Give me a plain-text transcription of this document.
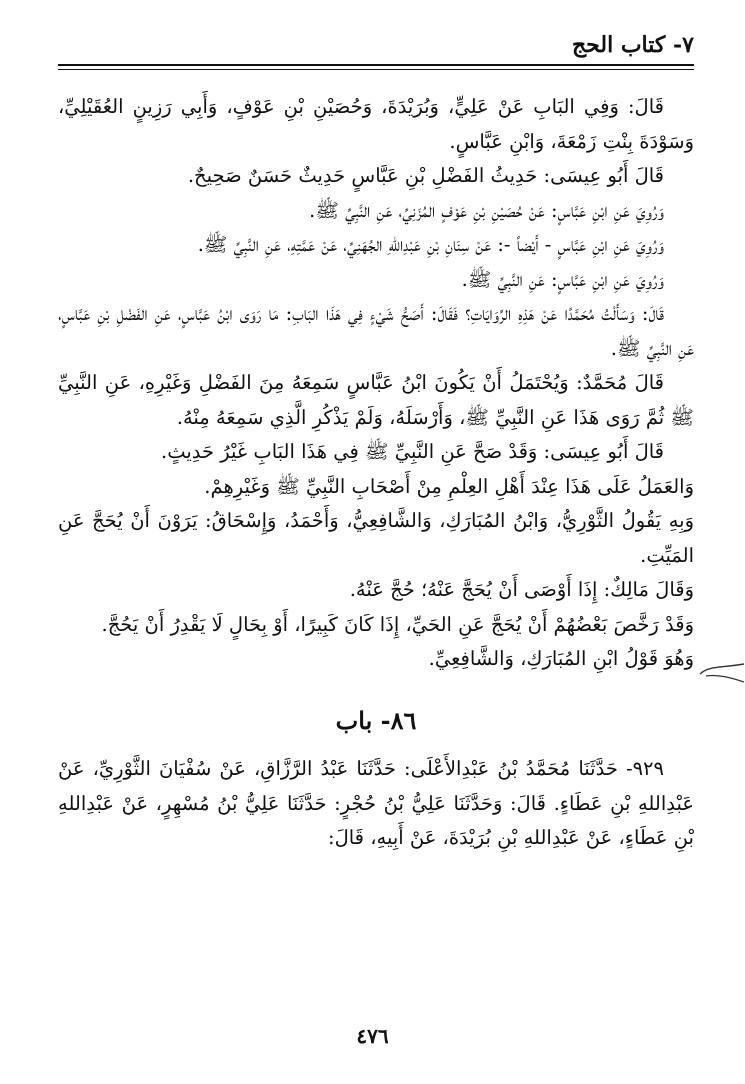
٧- كتاب الحج

قَالَ: وَفِي البَابِ عَنْ عَلِيٍّ، وَبُرَيْدَةَ، وَحُصَيْنِ بْنِ عَوْفٍ، وَأَبِي رَزِينٍ العُقَيْلِيِّ، وَسَوْدَةَ بِنْتِ زَمْعَةَ، وَابْنِ عَبَّاسٍ.

قَالَ أَبُو عِيسَى: حَدِيثُ الفَضْلِ بْنِ عَبَّاسٍ حَدِيثٌ حَسَنٌ صَحِيحٌ.

وَرُوِيَ عَنِ ابْنِ عَبَّاسٍ: عَنْ حُصَيْنِ بْنِ عَوْفٍ المُزَنِيِّ، عَنِ النَّبِيِّ ﷺ.

وَرُوِيَ عَنِ ابْنِ عَبَّاسٍ - أَيْضاً -: عَنْ سِنَانِ بْنِ عَبْدِاللهِ الجُهَنِيِّ، عَنْ عَمَّتِهِ، عَنِ النَّبِيِّ ﷺ.

وَرُوِيَ عَنِ ابْنِ عَبَّاسٍ: عَنِ النَّبِيِّ ﷺ.

قَالَ: وَسَأَلْتُ مُحَمَّدًا عَنْ هَذِهِ الرِّوَايَاتِ؟ فَقَالَ: أَصَحُّ شَيْءٍ فِي هَذَا البَابِ: مَا رَوَى ابْنُ عَبَّاسٍ، عَنِ الفَضْلِ بْنِ عَبَّاسٍ، عَنِ النَّبِيِّ ﷺ.

قَالَ مُحَمَّدٌ: وَيُحْتَمَلُ أَنْ يَكُونَ ابْنُ عَبَّاسٍ سَمِعَهُ مِنَ الفَضْلِ وَغَيْرِهِ، عَنِ النَّبِيِّ ﷺ ثُمَّ رَوَى هَذَا عَنِ النَّبِيِّ ﷺ، وَأَرْسَلَهُ، وَلَمْ يَذْكُرِ الَّذِي سَمِعَهُ مِنْهُ.

قَالَ أَبُو عِيسَى: وَقَدْ صَحَّ عَنِ النَّبِيِّ ﷺ فِي هَذَا البَابِ غَيْرُ حَدِيثٍ.

وَالعَمَلُ عَلَى هَذَا عِنْدَ أَهْلِ العِلْمِ مِنْ أَصْحَابِ النَّبِيِّ ﷺ وَغَيْرِهِمْ.

وَبِهِ يَقُولُ الثَّوْرِيُّ، وَابْنُ المُبَارَكِ، وَالشَّافِعِيُّ، وَأَحْمَدُ، وَإِسْحَاقُ: يَرَوْنَ أَنْ يُحَجَّ عَنِ المَيِّتِ.

وَقَالَ مَالِكٌ: إِذَا أَوْصَى أَنْ يُحَجَّ عَنْهُ؛ حُجَّ عَنْهُ.

وَقَدْ رَخَّصَ بَعْضُهُمْ أَنْ يُحَجَّ عَنِ الحَيِّ، إِذَا كَانَ كَبِيرًا، أَوْ بِحَالٍ لَا يَقْدِرُ أَنْ يَحُجَّ.

وَهُوَ قَوْلُ ابْنِ المُبَارَكِ، وَالشَّافِعِيِّ.

٨٦- باب

٩٢٩- حَدَّثَنَا مُحَمَّدُ بْنُ عَبْدِالأَعْلَى: حَدَّثَنَا عَبْدُ الرَّزَّاقِ، عَنْ سُفْيَانَ الثَّوْرِيِّ، عَنْ عَبْدِاللهِ بْنِ عَطَاءٍ. قَالَ: وَحَدَّثَنَا عَلِيُّ بْنُ حُجْرٍ: حَدَّثَنَا عَلِيُّ بْنُ مُسْهِرٍ، عَنْ عَبْدِاللهِ بْنِ عَطَاءٍ، عَنْ عَبْدِاللهِ بْنِ بُرَيْدَةَ، عَنْ أَبِيهِ، قَالَ:

٤٧٦
